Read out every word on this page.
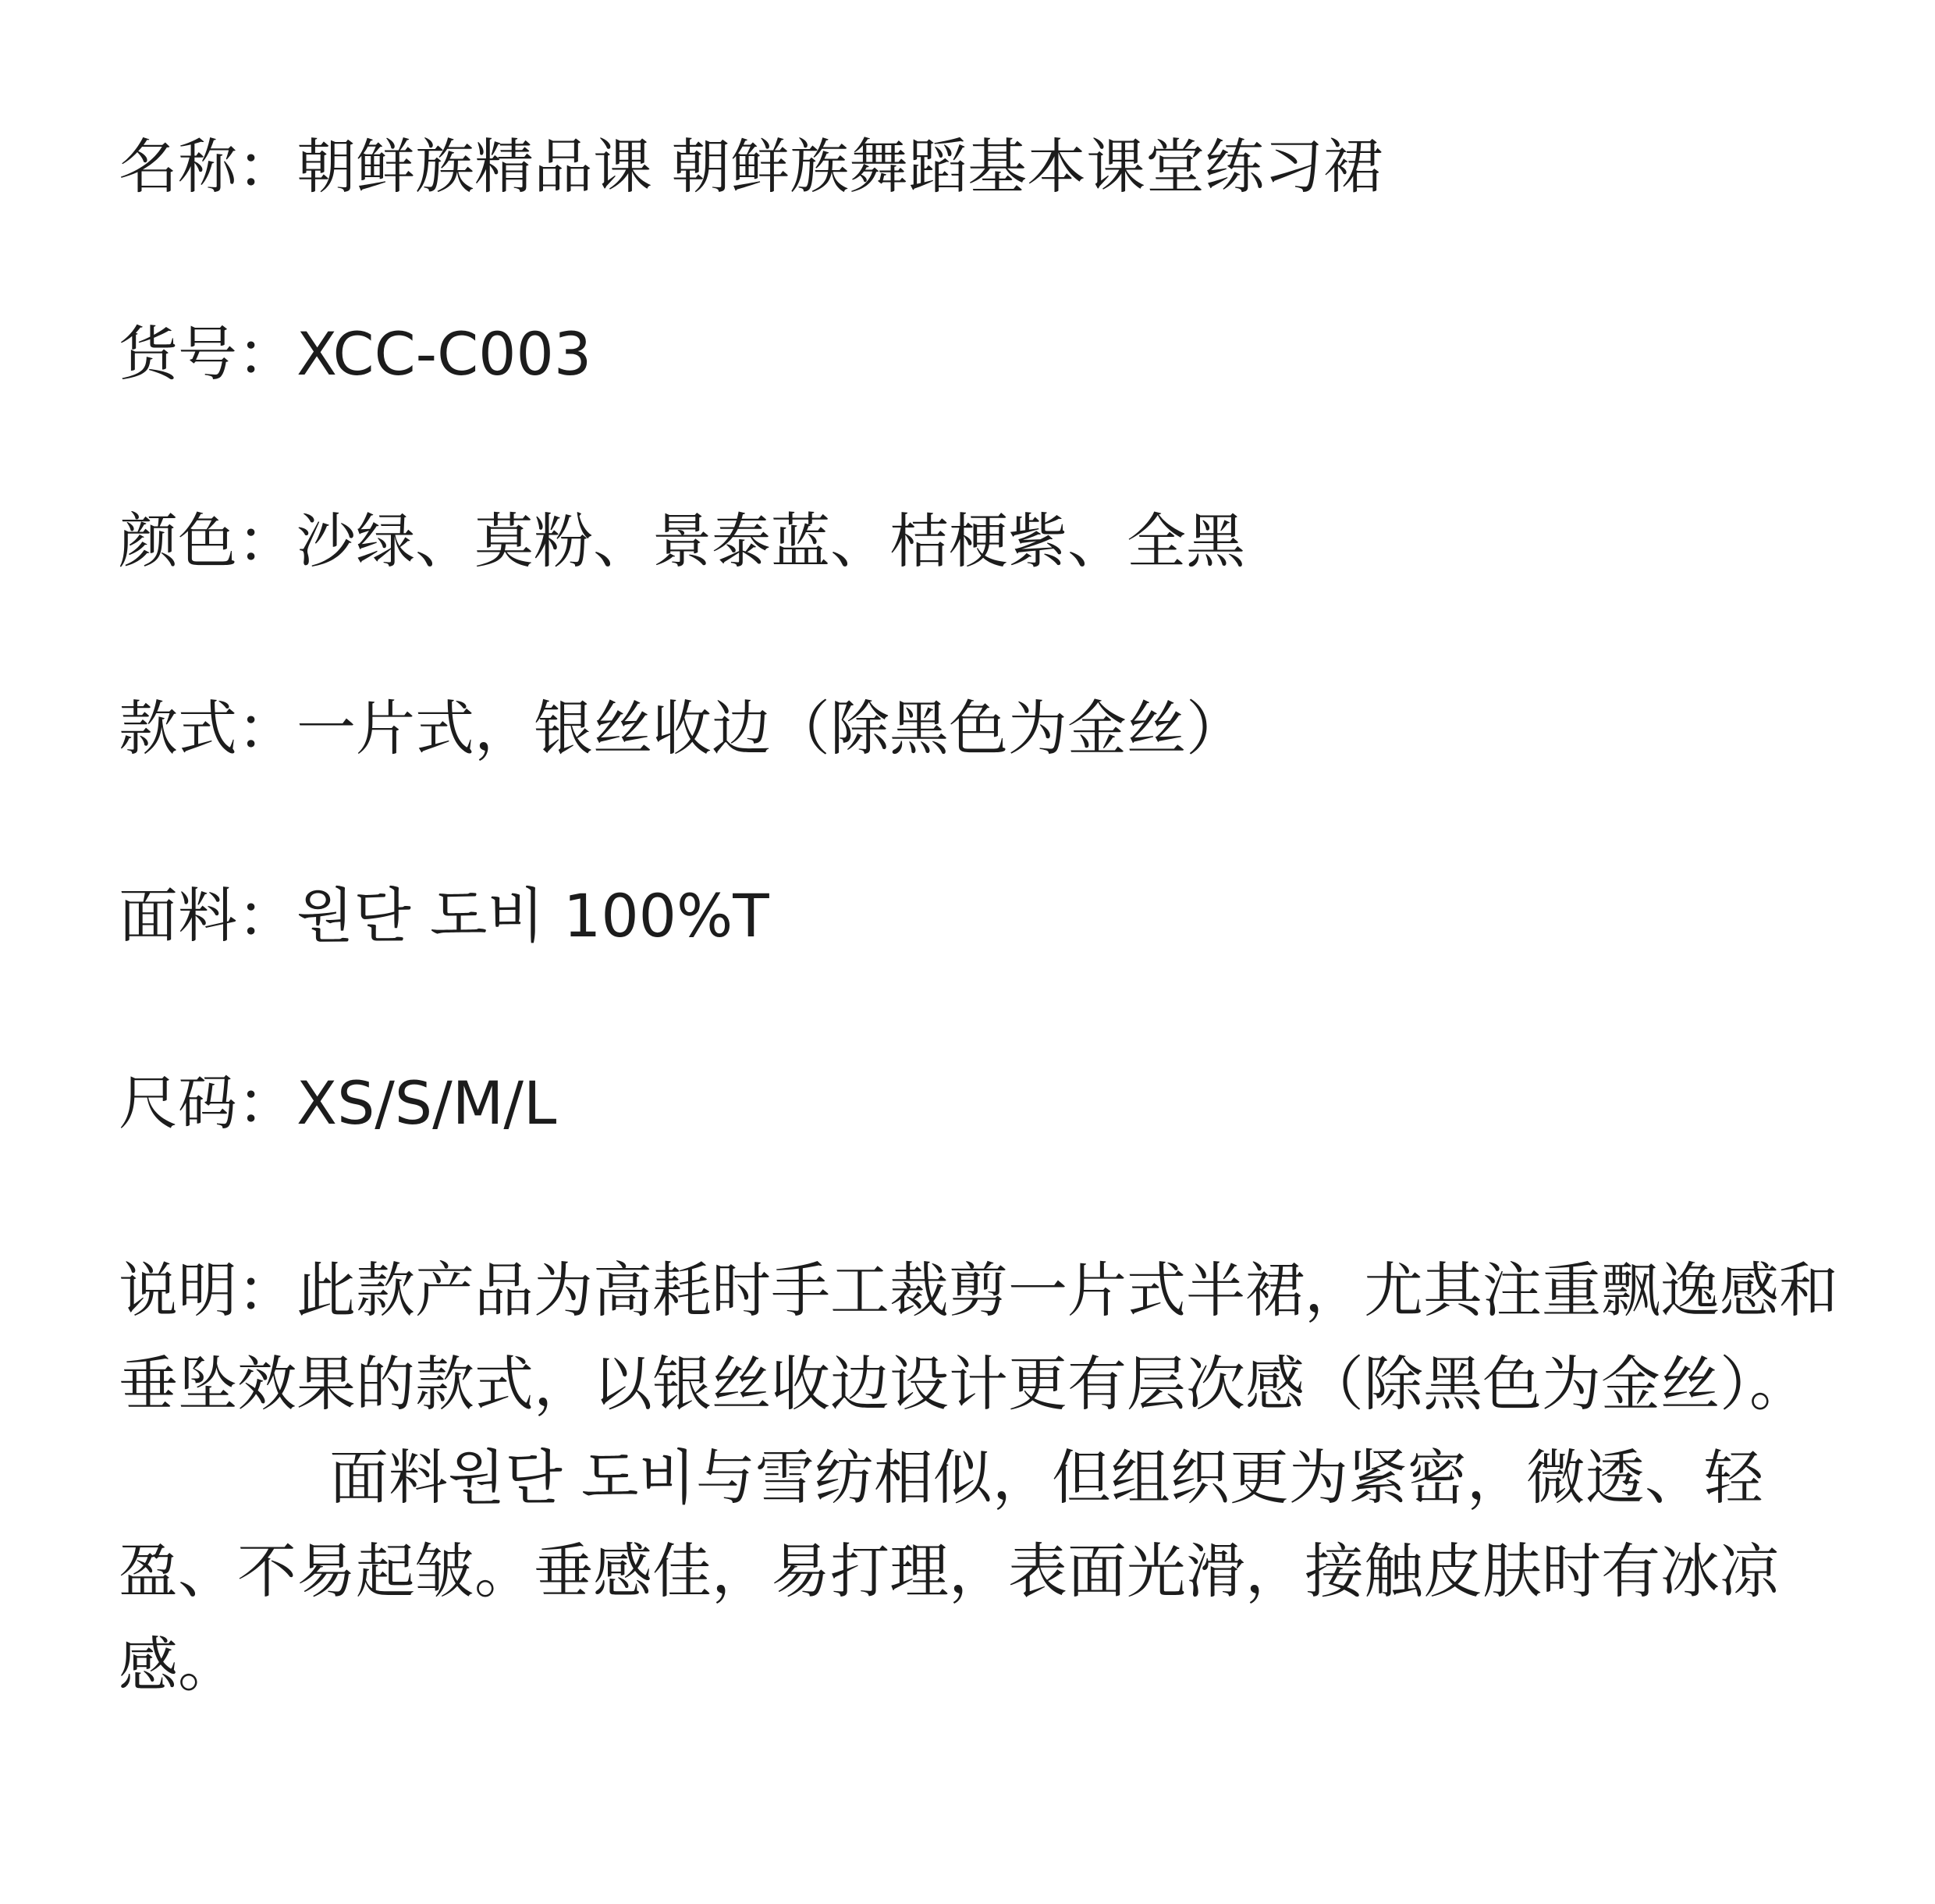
名称：朝鲜族精品课 朝鲜族舞蹈基本课堂练习裙
货号：XCC-C003
颜色：沙绿、莫粉、景泰蓝、桔梗紫、全黑
款式：一片式，银丝收边（除黑色为金丝）
面料：원단 도비 100%T
尺码：XS/S/M/L

说明：此款产品为高耗时手工裁剪一片式半裙，尤其注重飘逸感和垂坠效果的款式，以银丝收边设计更有层次感（除黑色为金丝）。

面料원단 도비与雪纺相似，但组织更为紧密，微透、轻盈、不易起皱。垂感佳，易打理，表面光滑，接触皮肤时有冰凉感。
